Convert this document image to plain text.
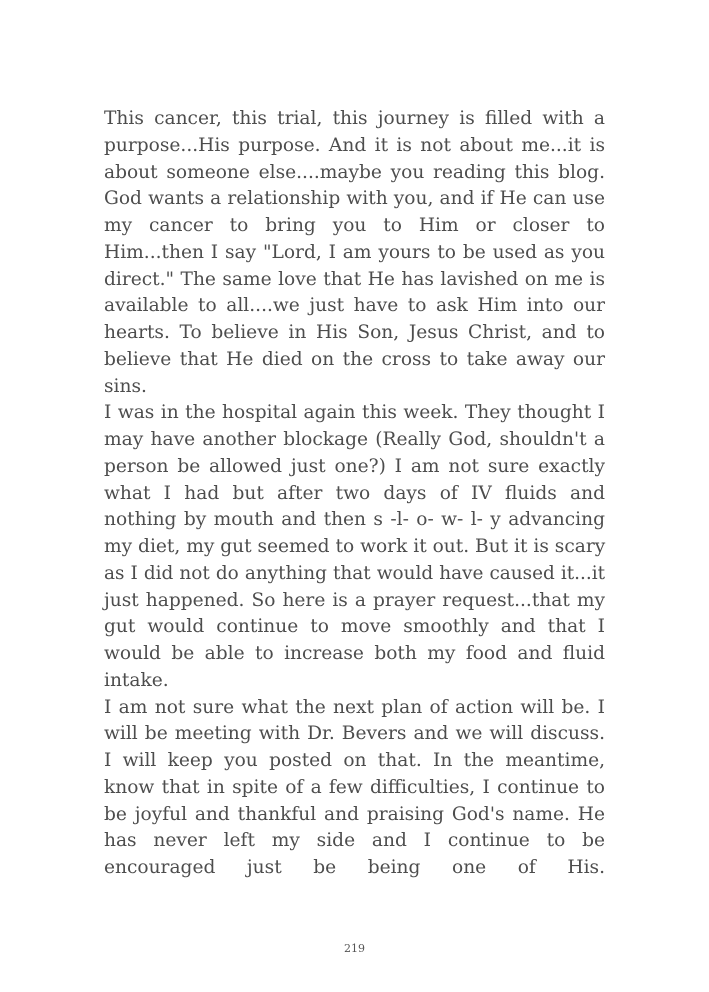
This cancer, this trial, this journey is filled with a
purpose...His purpose. And it is not about me...it is
about someone else....maybe you reading this blog.
God wants a relationship with you, and if He can use
my cancer to bring you to Him or closer to
Him...then I say "Lord, I am yours to be used as you
direct." The same love that He has lavished on me is
available to all....we just have to ask Him into our
hearts. To believe in His Son, Jesus Christ, and to
believe that He died on the cross to take away our
sins.
I was in the hospital again this week. They thought I
may have another blockage (Really God, shouldn't a
person be allowed just one?) I am not sure exactly
what I had but after two days of IV fluids and
nothing by mouth and then s -l- o- w- l- y advancing
my diet, my gut seemed to work it out. But it is scary
as I did not do anything that would have caused it...it
just happened. So here is a prayer request...that my
gut would continue to move smoothly and that I
would be able to increase both my food and fluid
intake.
I am not sure what the next plan of action will be. I
will be meeting with Dr. Bevers and we will discuss.
I will keep you posted on that. In the meantime,
know that in spite of a few difficulties, I continue to
be joyful and thankful and praising God's name. He
has never left my side and I continue to be
encouraged just be being one of His.
219
